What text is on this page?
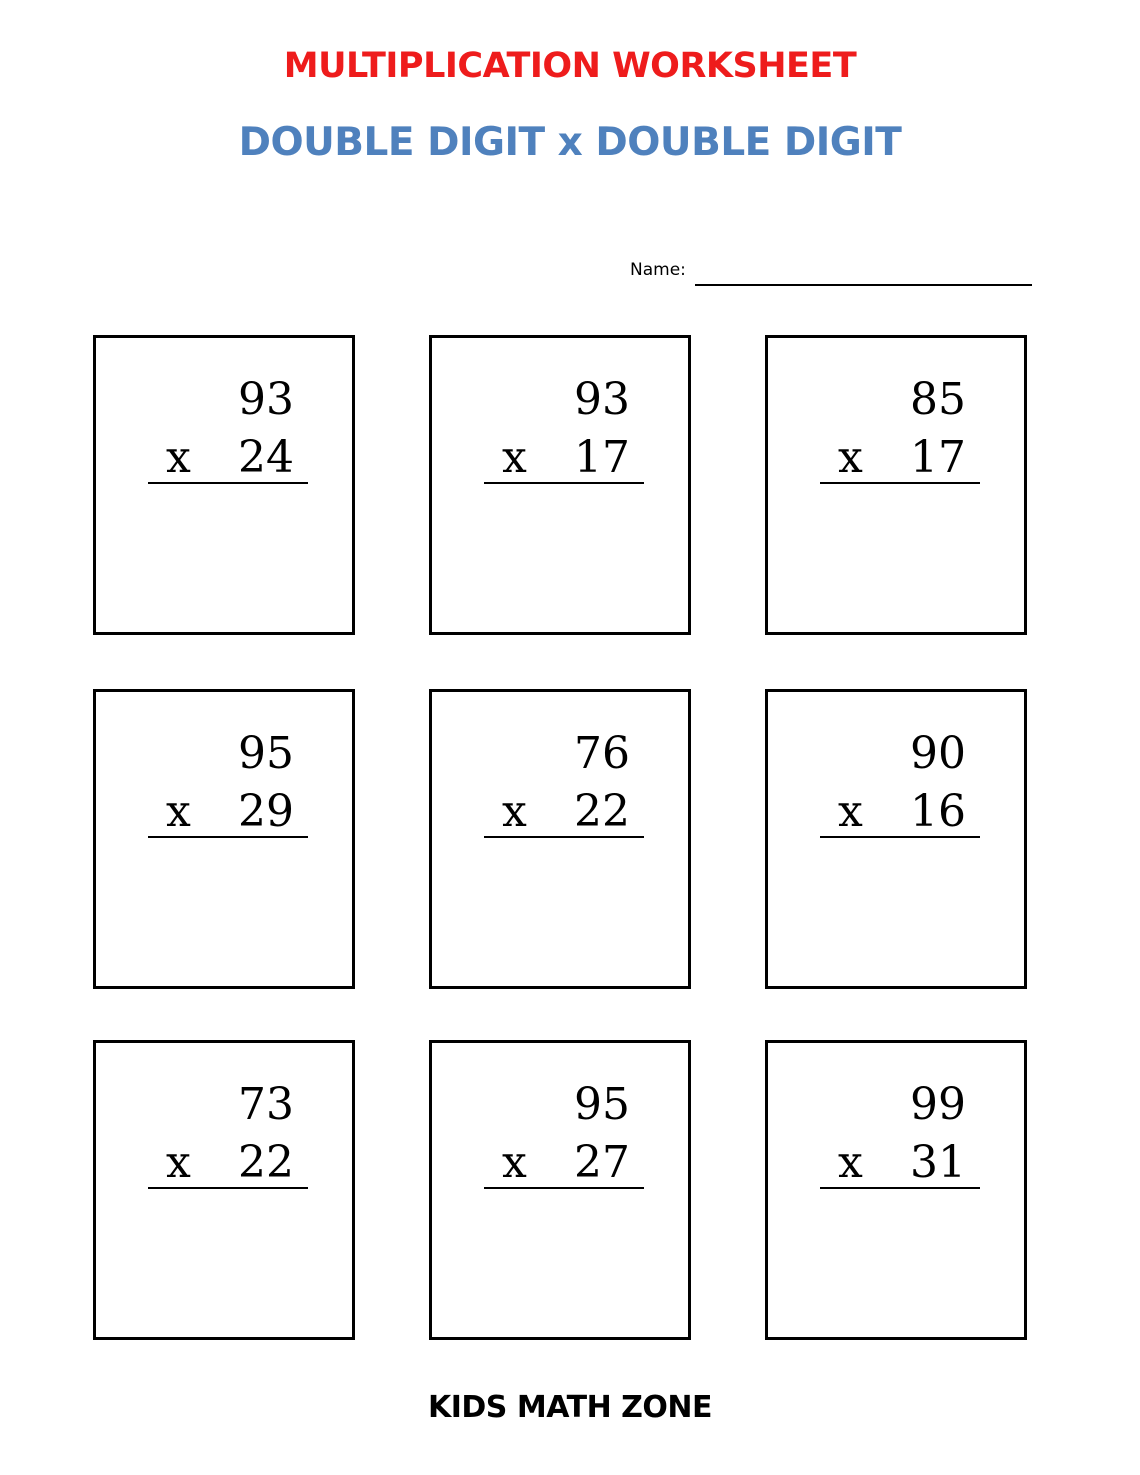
MULTIPLICATION WORKSHEET
DOUBLE DIGIT x DOUBLE DIGIT
Name:
93
x 24
93
x 17
85
x 17
95
x 29
76
x 22
90
x 16
73
x 22
95
x 27
99
x 31
KIDS MATH ZONE
